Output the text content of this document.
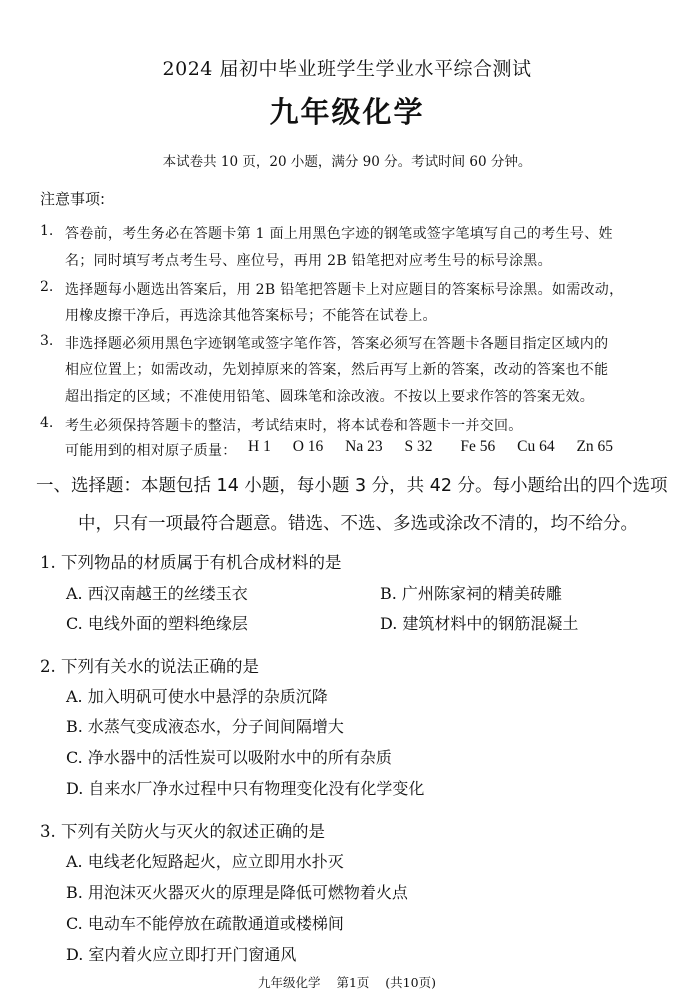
2024 届初中毕业班学生学业水平综合测试
九年级化学
本试卷共 10 页，20 小题，满分 90 分。考试时间 60 分钟。
注意事项:
1. 答卷前，考生务必在答题卡第 1 面上用黑色字迹的钢笔或签字笔填写自己的考生号、姓
名；同时填写考点考生号、座位号，再用 2B 铅笔把对应考生号的标号涂黑。
2. 选择题每小题选出答案后，用 2B 铅笔把答题卡上对应题目的答案标号涂黑。如需改动，
用橡皮擦干净后，再选涂其他答案标号；不能答在试卷上。
3. 非选择题必须用黑色字迹钢笔或签字笔作答，答案必须写在答题卡各题目指定区域内的
相应位置上；如需改动，先划掉原来的答案，然后再写上新的答案，改动的答案也不能
超出指定的区域；不准使用铅笔、圆珠笔和涂改液。不按以上要求作答的答案无效。
4. 考生必须保持答题卡的整洁，考试结束时，将本试卷和答题卡一并交回。
可能用到的相对原子质量： H 1 O 16 Na 23 S 32 Fe 56 Cu 64 Zn 65
一、选择题：本题包括 14 小题，每小题 3 分，共 42 分。每小题给出的四个选项
中，只有一项最符合题意。错选、不选、多选或涂改不清的，均不给分。
1. 下列物品的材质属于有机合成材料的是
A. 西汉南越王的丝缕玉衣	B. 广州陈家祠的精美砖雕
C. 电线外面的塑料绝缘层	D. 建筑材料中的钢筋混凝土
2. 下列有关水的说法正确的是
A. 加入明矾可使水中悬浮的杂质沉降
B. 水蒸气变成液态水，分子间间隔增大
C. 净水器中的活性炭可以吸附水中的所有杂质
D. 自来水厂净水过程中只有物理变化没有化学变化
3. 下列有关防火与灭火的叙述正确的是
A. 电线老化短路起火，应立即用水扑灭
B. 用泡沫灭火器灭火的原理是降低可燃物着火点
C. 电动车不能停放在疏散通道或楼梯间
D. 室内着火应立即打开门窗通风
九年级化学    第1页    (共10页)
